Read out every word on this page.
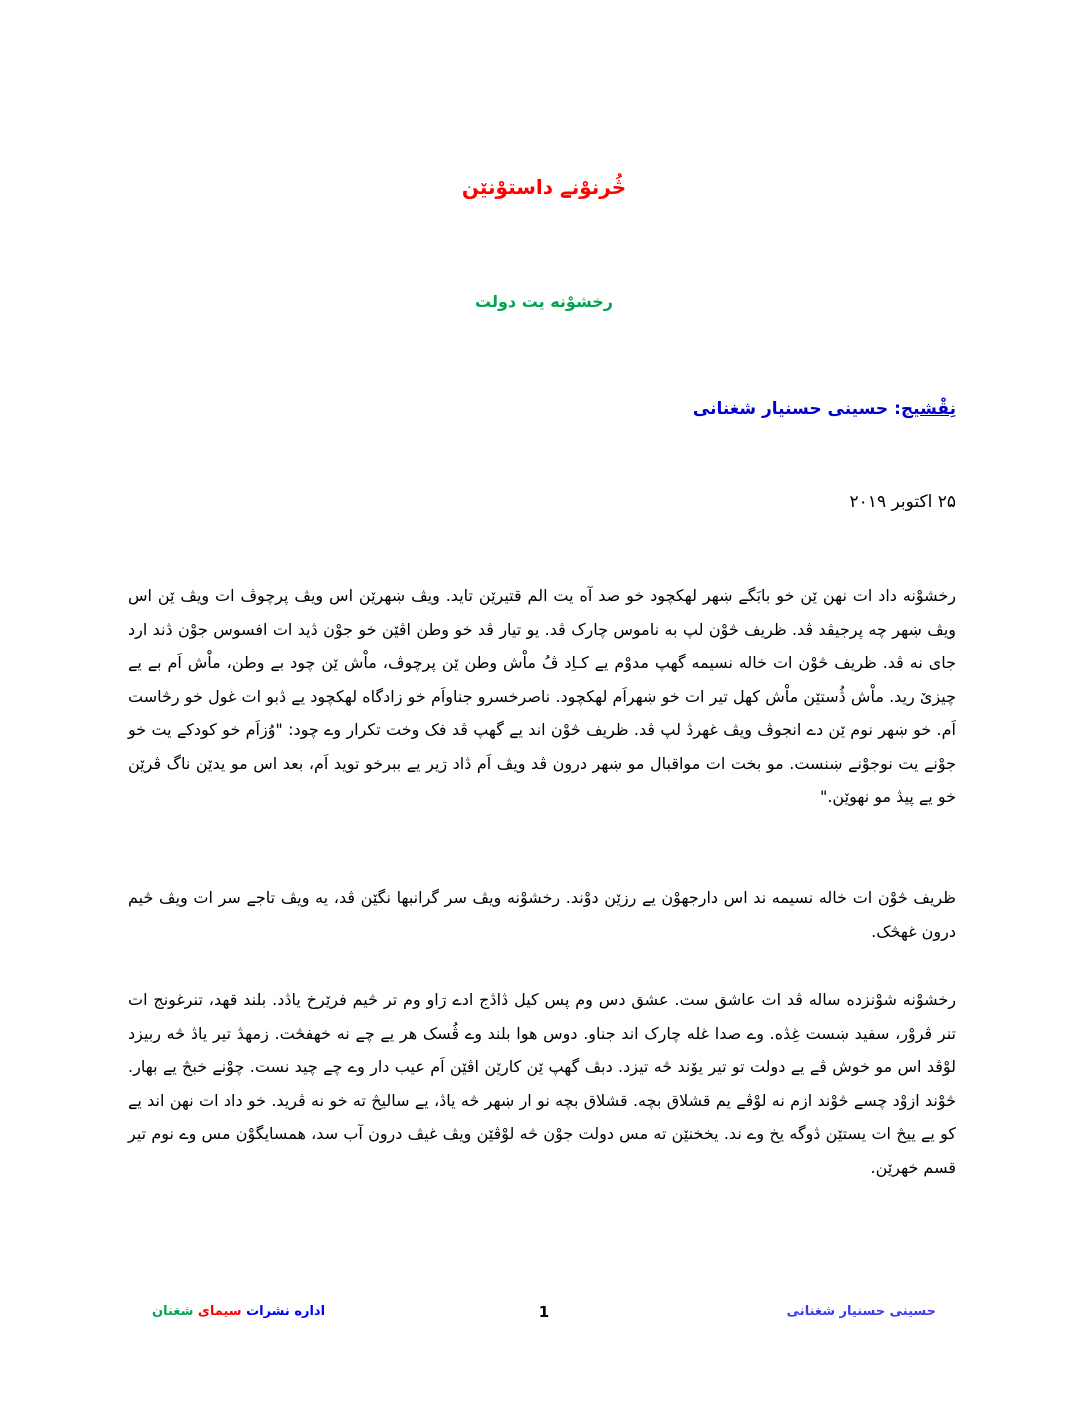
څُرنوْنے داستوْنێن
رخشوْنه یت دولت
نِقْشیج: حسینی حسنیار شغنانی
۲۵ اکتوبر ۲۰۱۹
رخشوْنه داد ات نهن ێن خو بابَگے ښهر لهکچود خو صد آه یت الم قتیرێن تاید. ویڤ ښهرێن اس ویڤ پرچوڤ ات ویڤ ێن اس ویڤ ښهر چه پرجیڤد ڤد. ظریف څوْن لپ به ناموس چارک ڤد. یو تیار ڤد خو وطن اڤێن خو جوْن ڎید ات افسوس جوْن ڎند ارد جای نه ڤد. ظریف څوْن ات خاله نسیمه گهپ مدوْم یے کـاِد ڤُ ماْش وطن ێن پرچوڤ، ماْش ێن چود بے وطن، ماْش اَم بے یے چیزێ رید. ماْش ڎُستێن ماْش کهل تیر ات خو ښهراَم لهکچود. ناصرخسرو جناواَم خو زادگاه لهکچود یے ڎبو ات غول خو رڅاست اَم. خو ښهر نوم ێن دے انجوڤ ویڤ غهرڎ لپ ڤد. ظریف څوْن اند یے گهپ ڤد فک وخت تکرار وے چود: "وُزاَم خو کودکے یت خو جوْنے یت نوجوْنے ښنست. مو بخت ات مواقبال مو ښهر درون ڤد ویڤ اَم ڎاد ڗیر یے ببرخو توید اَم، بعد اس مو یدێن ناگ ڤرێن خو یے پیڎ مو نهوێن."
ظریف څوْن ات خاله نسیمه ند اس دارجهوْن یے رزێن دوْند. رخشوْنه ویڤ سر گرانبها نگێن ڤد، یه ویڤ تاجے سر ات ویڤ څیم درون غهڅک.
رخشوْنه شوْنزده ساله ڤد ات عاشق ست. عشق دس وم پس کیل ڎاڎج ادے ڗاو وم تر څیم فرێرخ یاڎد. بلند قهد، تنرغونج ات تنر ڤروْر، سفید ښست غِڎه. وے صدا غله چارک اند جناو. دوس هوا بلند وے ڤُسک هر یے چے نه خهفڅت. زمهڎ تیر یاڎ څه ربیزد لوْڤد اس مو خوش ڤے یے دولت تو تیر یۆند څه تیزد. دبڤ گهپ ێن کارێن اڤێن اَم عیب دار وے چے چید نست. چوْنے خبڅ یے بهار. څوْند ازوْد چسے څوْند ازم نه لوْڤے یم قشلاق بچه. قشلاق بچه نو ار ښهر څه یاڎ، یے سالیڅ ته خو نه ڤرید. خو داد ات نهن اند یے کو یے ییڅ ات یستێن ڎوگه یخ وے ند. یخخنێن ته مس دولت جوْن څه لوْڤێن ویڤ غیڤ درون آب سد، همسایگوْن مس وے نوم تیر قسم خهرێن.
اداره نشرات سیمای شغنان	1	حسینی حسنیار شغنانی
